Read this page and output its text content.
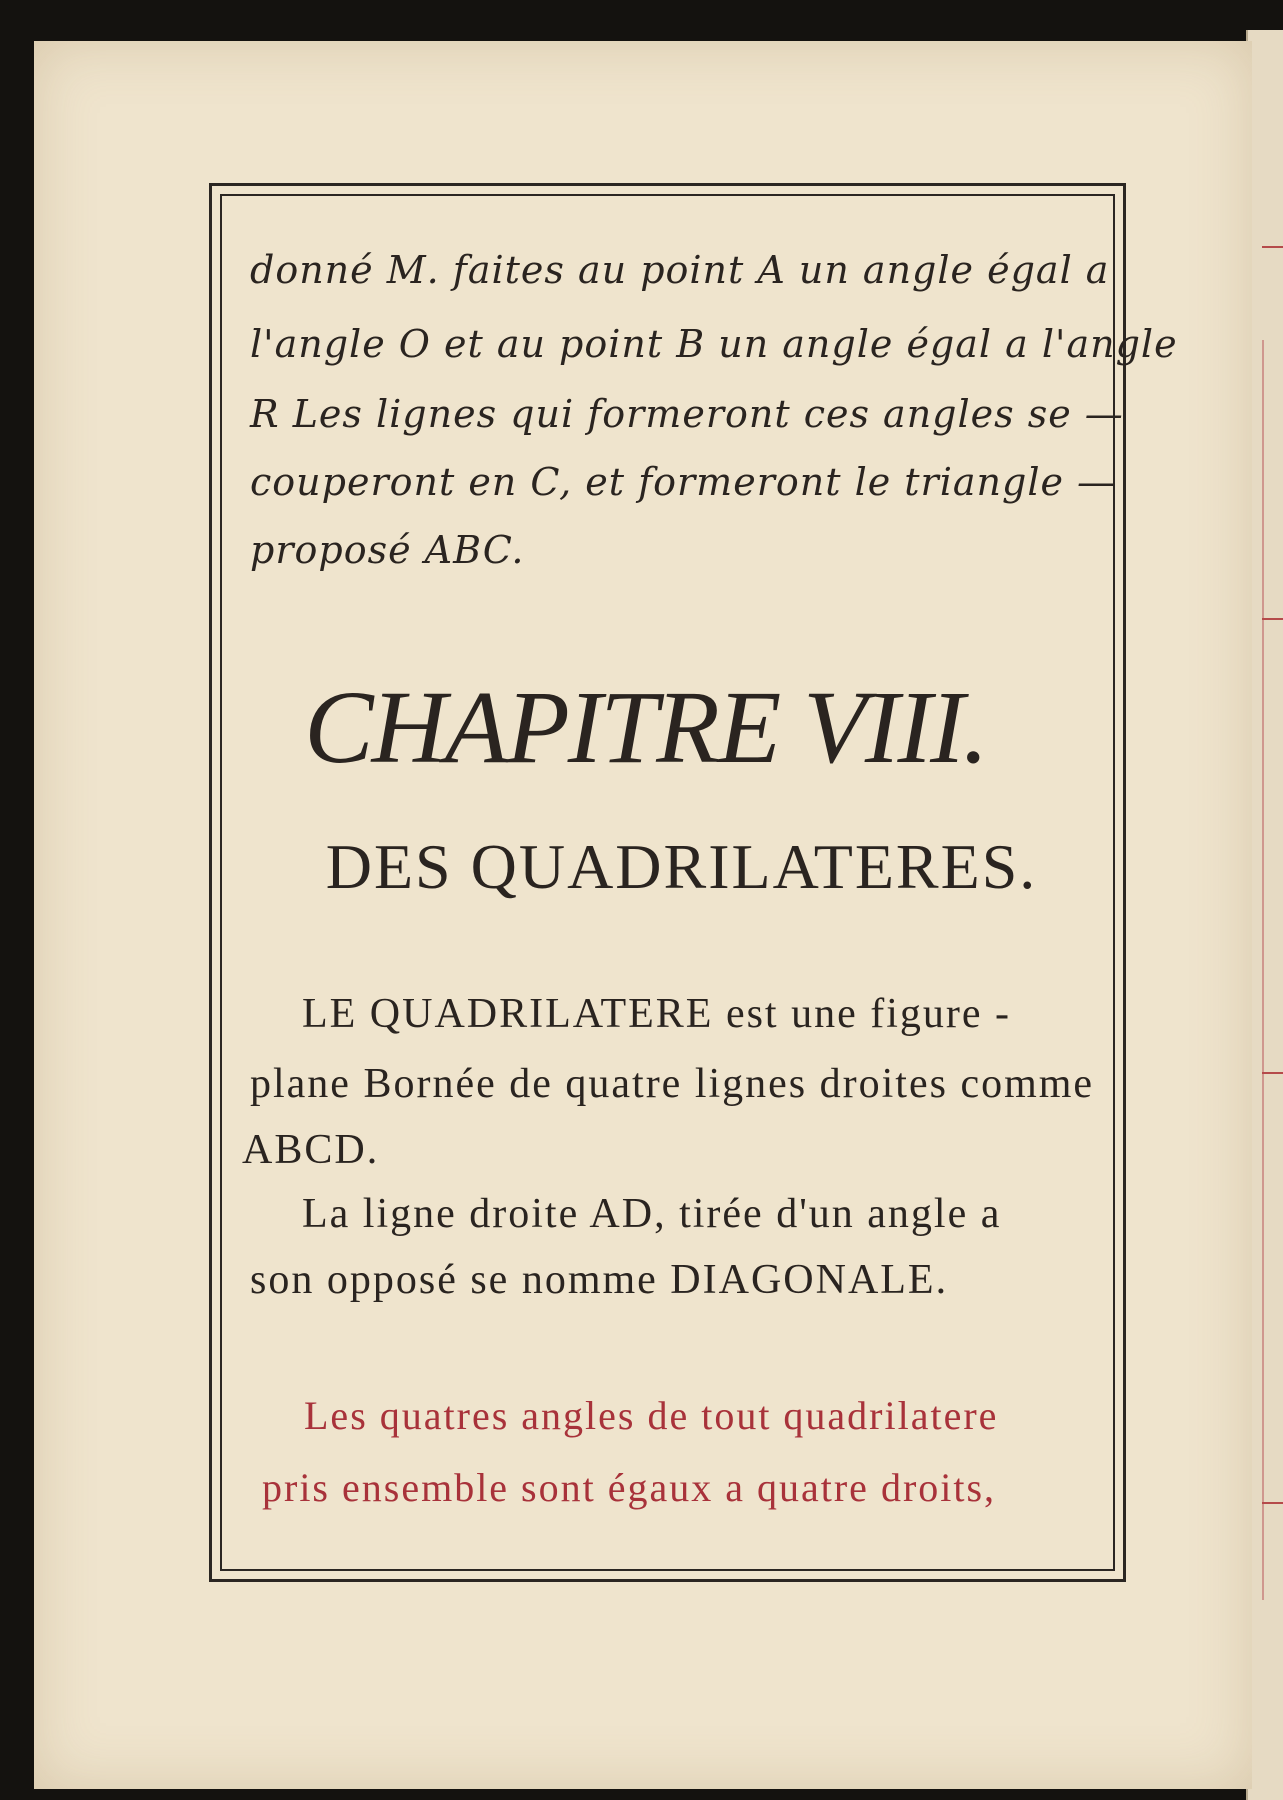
donné M. faites au point A un angle égal a
l'angle O et au point B un angle égal a l'angle
R Les lignes qui formeront ces angles se —
couperont en C, et formeront le triangle —
proposé ABC.
CHAPITRE VIII.
DES QUADRILATERES.
LE QUADRILATERE est une figure -
plane Bornée de quatre lignes droites comme
ABCD.
La ligne droite AD, tirée d'un angle a
son opposé se nomme DIAGONALE.
Les quatres angles de tout quadrilatere
pris ensemble sont égaux a quatre droits,
